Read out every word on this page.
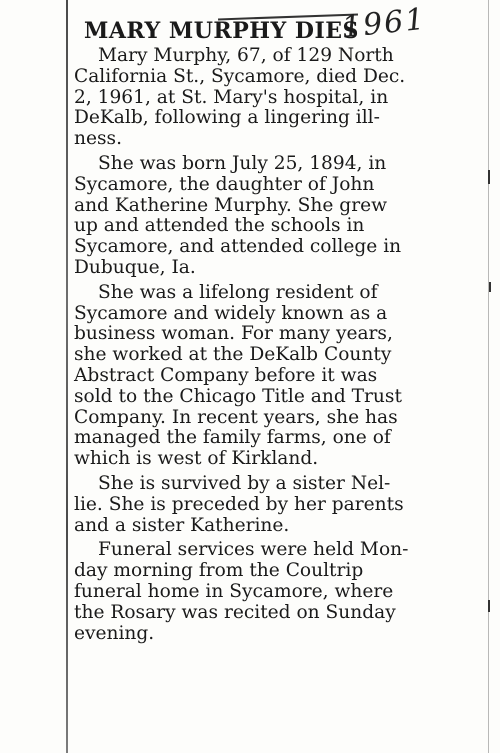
1961
MARY MURPHY DIES

Mary Murphy, 67, of 129 North
California St., Sycamore, died Dec.
2, 1961, at St. Mary's hospital, in
DeKalb, following a lingering ill-
ness.

She was born July 25, 1894, in
Sycamore, the daughter of John
and Katherine Murphy. She grew
up and attended the schools in
Sycamore, and attended college in
Dubuque, Ia.

She was a lifelong resident of
Sycamore and widely known as a
business woman. For many years,
she worked at the DeKalb County
Abstract Company before it was
sold to the Chicago Title and Trust
Company. In recent years, she has
managed the family farms, one of
which is west of Kirkland.

She is survived by a sister Nel-
lie. She is preceded by her parents
and a sister Katherine.

Funeral services were held Mon-
day morning from the Coultrip
funeral home in Sycamore, where
the Rosary was recited on Sunday
evening.
